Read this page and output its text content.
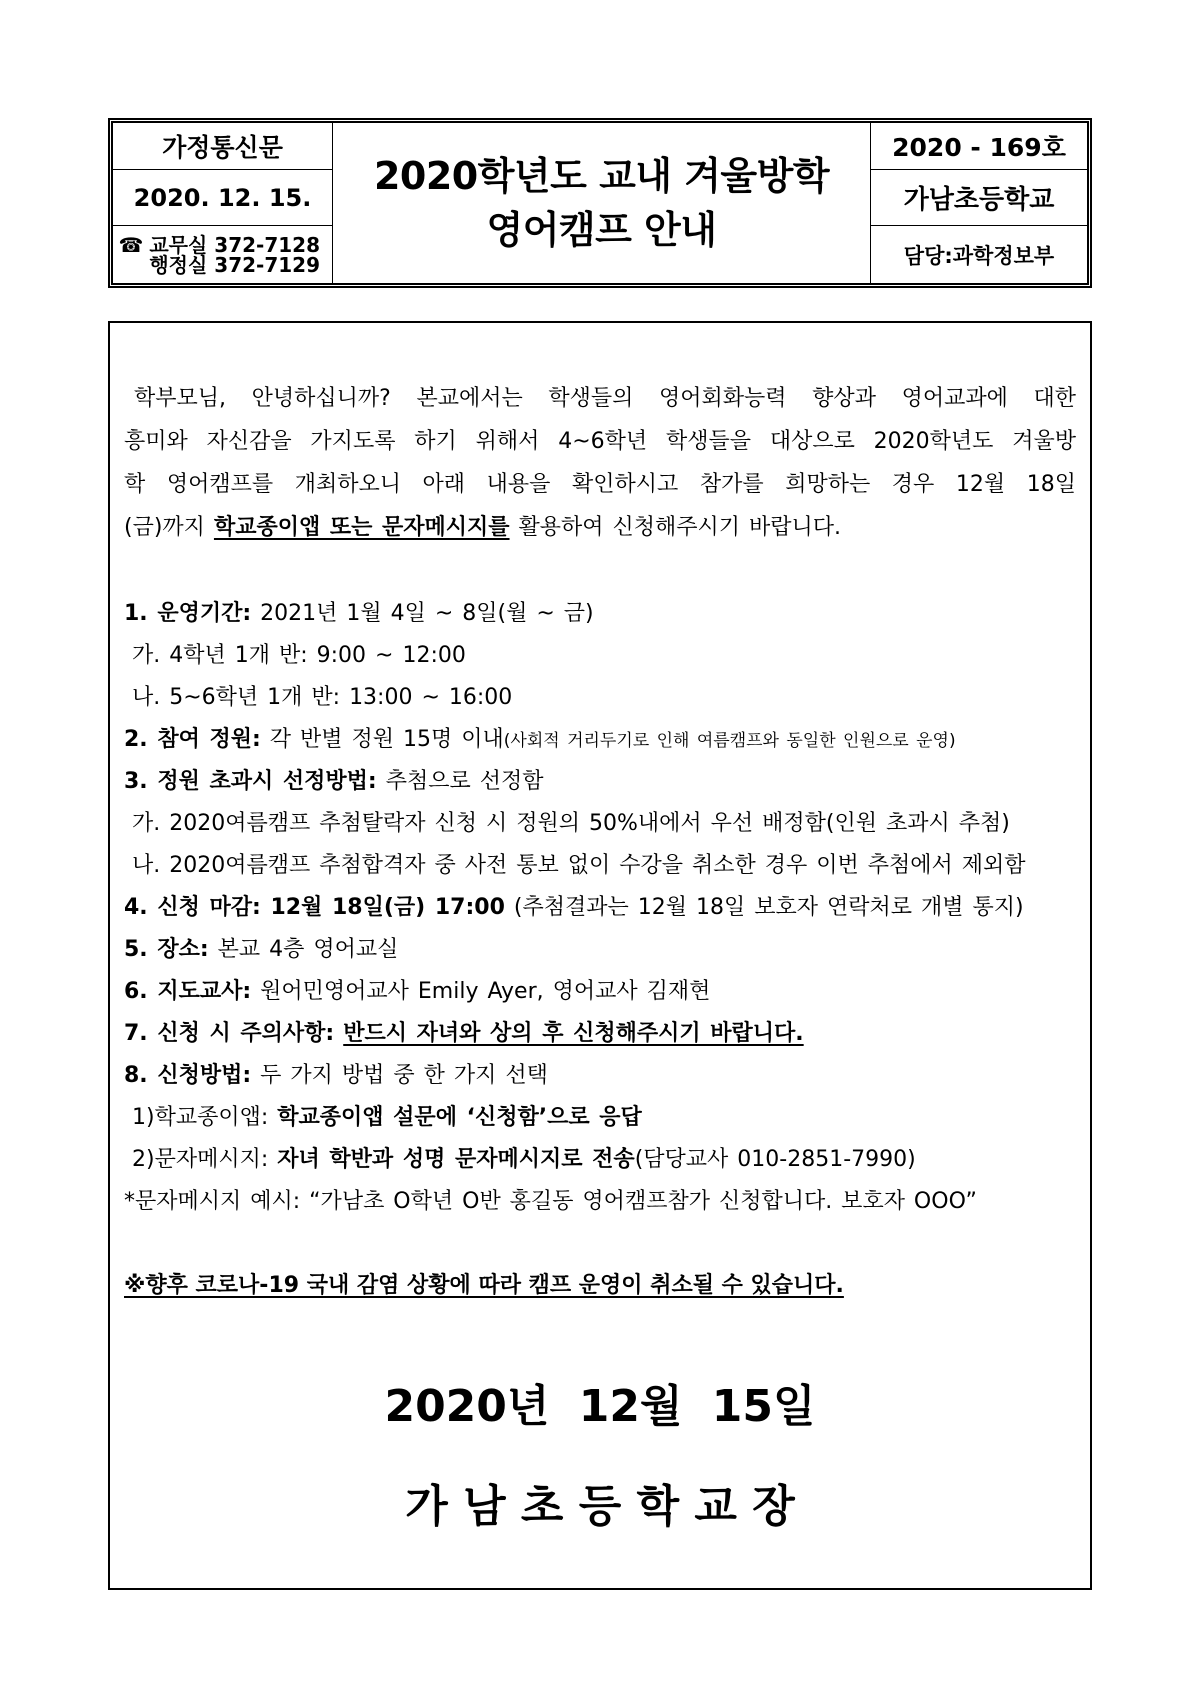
가정통신문
2020학년도 교내 겨울방학
영어캠프 안내
2020 - 169호
2020. 12. 15.	가남초등학교
☎ 교무실 372-7128
행정실 372-7129	담당:과학정보부
학부모님, 안녕하십니까? 본교에서는 학생들의 영어회화능력 향상과 영어교과에 대한
흥미와 자신감을 가지도록 하기 위해서 4~6학년 학생들을 대상으로 2020학년도 겨울방
학 영어캠프를 개최하오니 아래 내용을 확인하시고 참가를 희망하는 경우 12월 18일
(금)까지 학교종이앱 또는 문자메시지를 활용하여 신청해주시기 바랍니다.
1. 운영기간: 2021년 1월 4일 ~ 8일(월 ~ 금)
가. 4학년 1개 반: 9:00 ~ 12:00
나. 5~6학년 1개 반: 13:00 ~ 16:00
2. 참여 정원: 각 반별 정원 15명 이내(사회적 거리두기로 인해 여름캠프와 동일한 인원으로 운영)
3. 정원 초과시 선정방법: 추첨으로 선정함
가. 2020여름캠프 추첨탈락자 신청 시 정원의 50%내에서 우선 배정함(인원 초과시 추첨)
나. 2020여름캠프 추첨합격자 중 사전 통보 없이 수강을 취소한 경우 이번 추첨에서 제외함
4. 신청 마감: 12월 18일(금) 17:00 (추첨결과는 12월 18일 보호자 연락처로 개별 통지)
5. 장소: 본교 4층 영어교실
6. 지도교사: 원어민영어교사 Emily Ayer, 영어교사 김재현
7. 신청 시 주의사항: 반드시 자녀와 상의 후 신청해주시기 바랍니다.
8. 신청방법: 두 가지 방법 중 한 가지 선택
1)학교종이앱: 학교종이앱 설문에 ‘신청함’으로 응답
2)문자메시지: 자녀 학반과 성명 문자메시지로 전송(담당교사 010-2851-7990)
*문자메시지 예시: “가남초 O학년 O반 홍길동 영어캠프참가 신청합니다. 보호자 OOO”
※향후 코로나-19 국내 감염 상황에 따라 캠프 운영이 취소될 수 있습니다.
2020년 12월 15일
가 남 초 등 학 교 장
